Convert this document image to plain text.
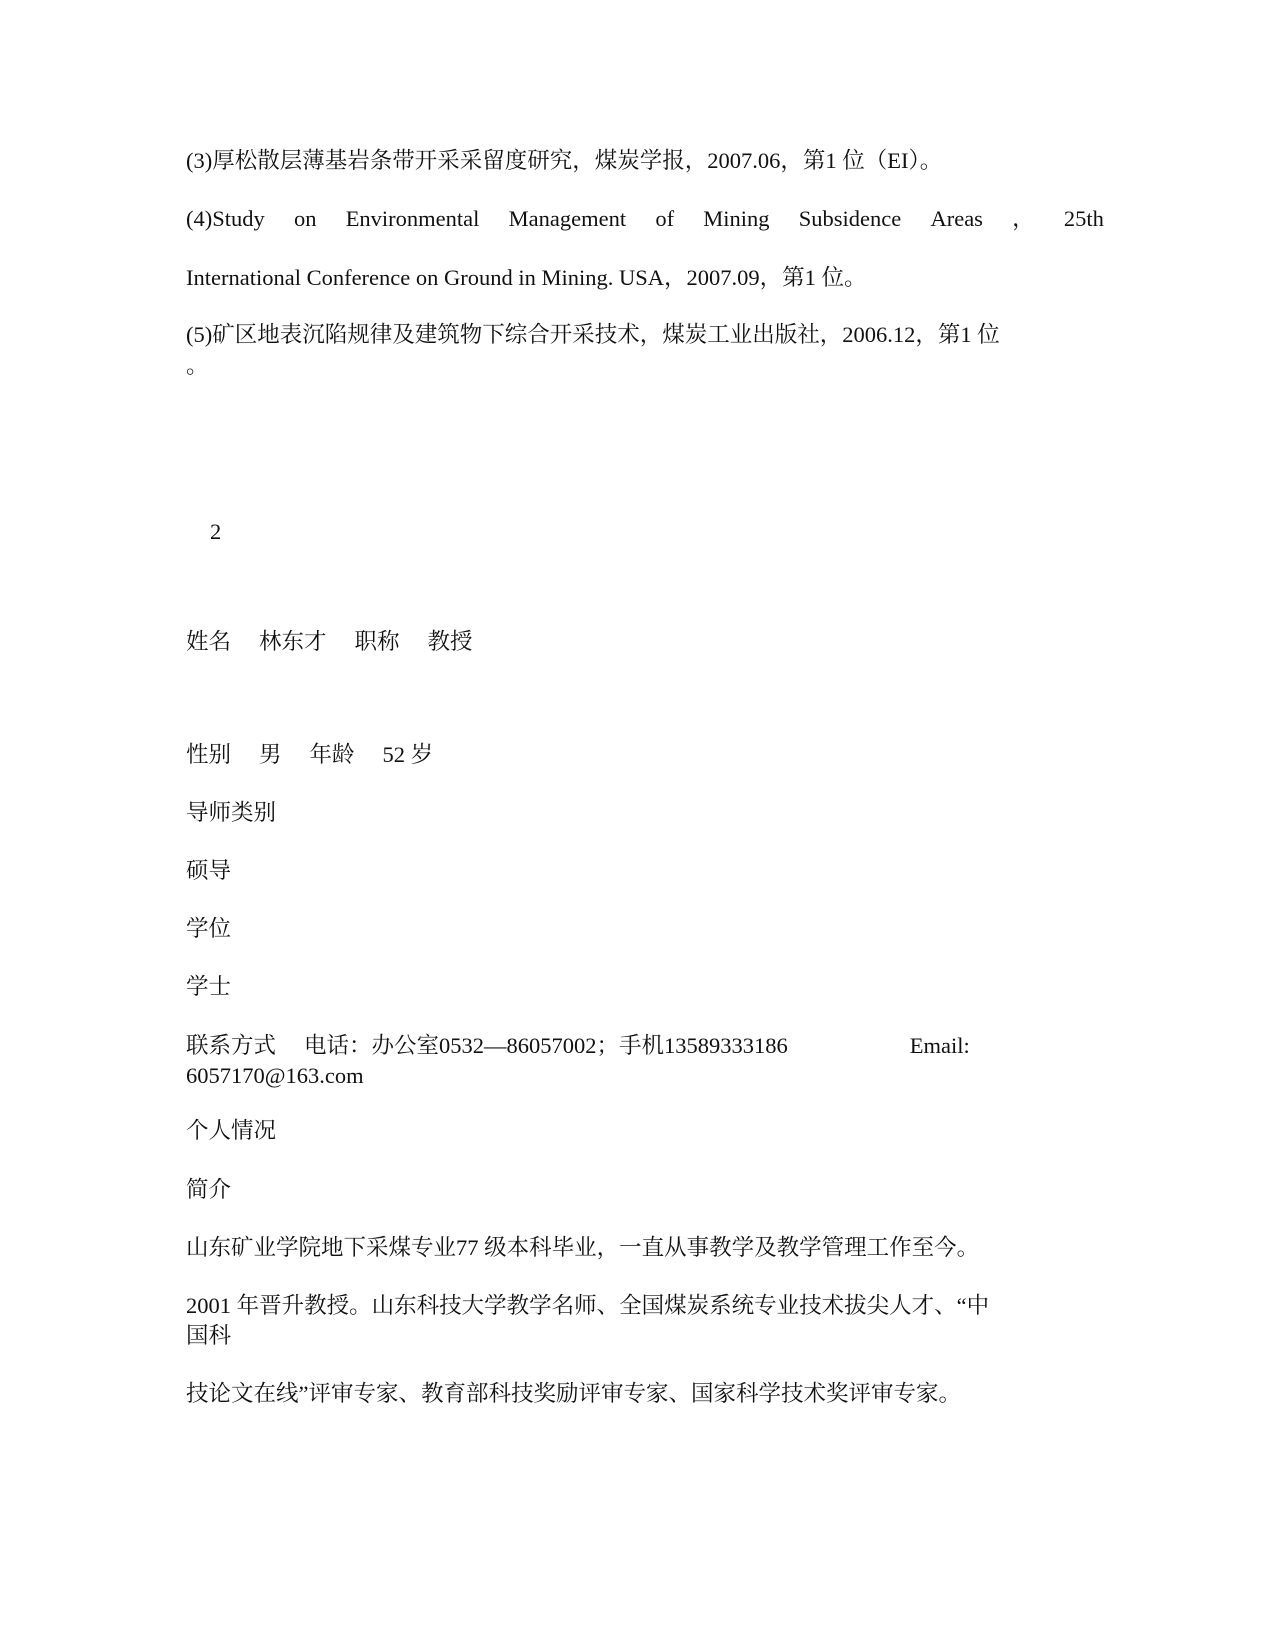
(3)厚松散层薄基岩条带开采采留度研究，煤炭学报，2007.06，第1 位（EI）。
(4)Study on Environmental Management of Mining Subsidence Areas ， 25th
International Conference on Ground in Mining. USA，2007.09，第1 位。
(5)矿区地表沉陷规律及建筑物下综合开采技术，煤炭工业出版社，2006.12，第1 位
。
2
姓名 林东才 职称 教授
性别 男 年龄 52 岁
导师类别
硕导
学位
学士
联系方式 电话：办公室0532—86057002；手机13589333186	Email:
6057170@163.com
个人情况
简介
山东矿业学院地下采煤专业77 级本科毕业，一直从事教学及教学管理工作至今。
2001 年晋升教授。山东科技大学教学名师、全国煤炭系统专业技术拔尖人才、“中
国科
技论文在线”评审专家、教育部科技奖励评审专家、国家科学技术奖评审专家。
